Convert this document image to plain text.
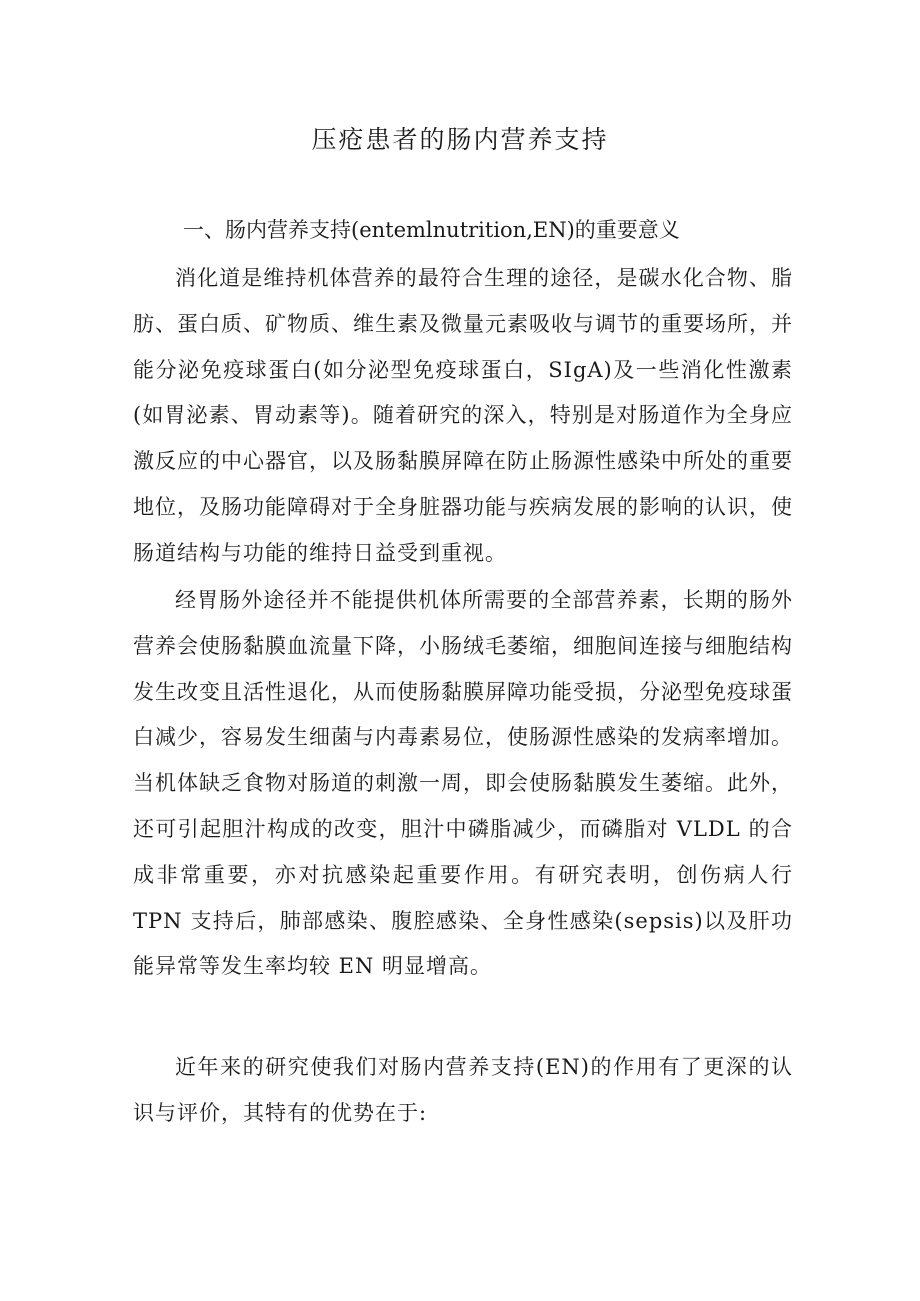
压疮患者的肠内营养支持
一、肠内营养支持(entemlnutrition,EN)的重要意义

消化道是维持机体营养的最符合生理的途径，是碳水化合物、脂肪、蛋白质、矿物质、维生素及微量元素吸收与调节的重要场所，并能分泌免疫球蛋白(如分泌型免疫球蛋白，SIgA)及一些消化性激素(如胃泌素、胃动素等)。随着研究的深入，特别是对肠道作为全身应激反应的中心器官，以及肠黏膜屏障在防止肠源性感染中所处的重要地位，及肠功能障碍对于全身脏器功能与疾病发展的影响的认识，使肠道结构与功能的维持日益受到重视。

经胃肠外途径并不能提供机体所需要的全部营养素，长期的肠外营养会使肠黏膜血流量下降，小肠绒毛萎缩，细胞间连接与细胞结构发生改变且活性退化，从而使肠黏膜屏障功能受损，分泌型免疫球蛋白减少，容易发生细菌与内毒素易位，使肠源性感染的发病率增加。当机体缺乏食物对肠道的刺激一周，即会使肠黏膜发生萎缩。此外，还可引起胆汁构成的改变，胆汁中磷脂减少，而磷脂对 VLDL 的合成非常重要，亦对抗感染起重要作用。有研究表明，创伤病人行 TPN 支持后，肺部感染、腹腔感染、全身性感染(sepsis)以及肝功能异常等发生率均较 EN 明显增高。

近年来的研究使我们对肠内营养支持(EN)的作用有了更深的认识与评价，其特有的优势在于:
